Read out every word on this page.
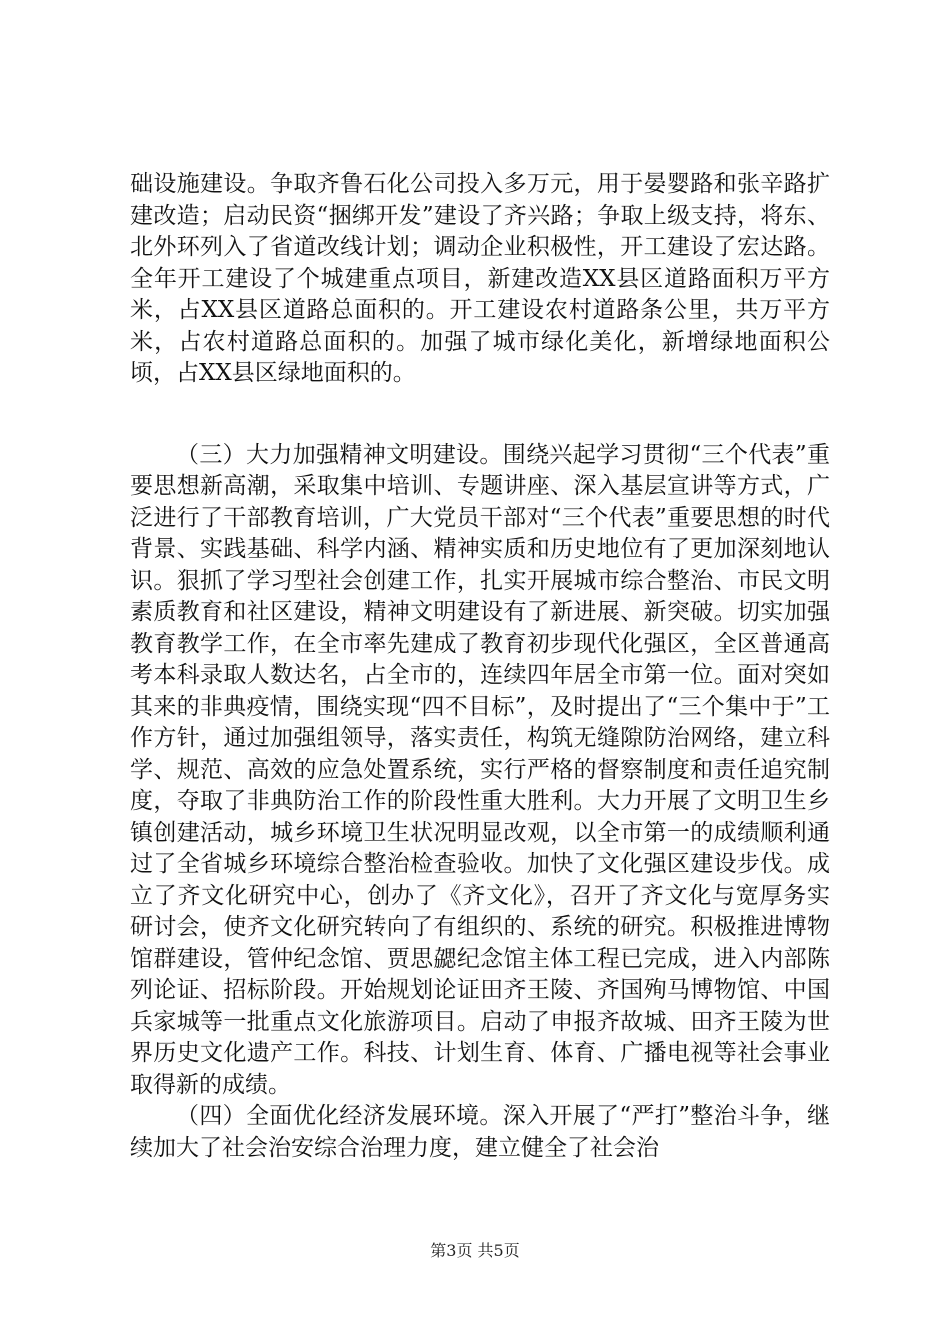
础设施建设。争取齐鲁石化公司投入多万元，用于晏婴路和张辛路扩建改造；启动民资“捆绑开发”建设了齐兴路；争取上级支持，将东、北外环列入了省道改线计划；调动企业积极性，开工建设了宏达路。全年开工建设了个城建重点项目，新建改造XX县区道路面积万平方米，占XX县区道路总面积的。开工建设农村道路条公里，共万平方米，占农村道路总面积的。加强了城市绿化美化，新增绿地面积公顷，占XX县区绿地面积的。

（三）大力加强精神文明建设。围绕兴起学习贯彻“三个代表”重要思想新高潮，采取集中培训、专题讲座、深入基层宣讲等方式，广泛进行了干部教育培训，广大党员干部对“三个代表”重要思想的时代背景、实践基础、科学内涵、精神实质和历史地位有了更加深刻地认识。狠抓了学习型社会创建工作，扎实开展城市综合整治、市民文明素质教育和社区建设，精神文明建设有了新进展、新突破。切实加强教育教学工作，在全市率先建成了教育初步现代化强区，全区普通高考本科录取人数达名，占全市的，连续四年居全市第一位。面对突如其来的非典疫情，围绕实现“四不目标”，及时提出了“三个集中于”工作方针，通过加强组领导，落实责任，构筑无缝隙防治网络，建立科学、规范、高效的应急处置系统，实行严格的督察制度和责任追究制度，夺取了非典防治工作的阶段性重大胜利。大力开展了文明卫生乡镇创建活动，城乡环境卫生状况明显改观，以全市第一的成绩顺利通过了全省城乡环境综合整治检查验收。加快了文化强区建设步伐。成立了齐文化研究中心，创办了《齐文化》，召开了齐文化与宽厚务实研讨会，使齐文化研究转向了有组织的、系统的研究。积极推进博物馆群建设，管仲纪念馆、贾思勰纪念馆主体工程已完成，进入内部陈列论证、招标阶段。开始规划论证田齐王陵、齐国殉马博物馆、中国兵家城等一批重点文化旅游项目。启动了申报齐故城、田齐王陵为世界历史文化遗产工作。科技、计划生育、体育、广播电视等社会事业取得新的成绩。

（四）全面优化经济发展环境。深入开展了“严打”整治斗争，继续加大了社会治安综合治理力度，建立健全了社会治

第3页 共5页
